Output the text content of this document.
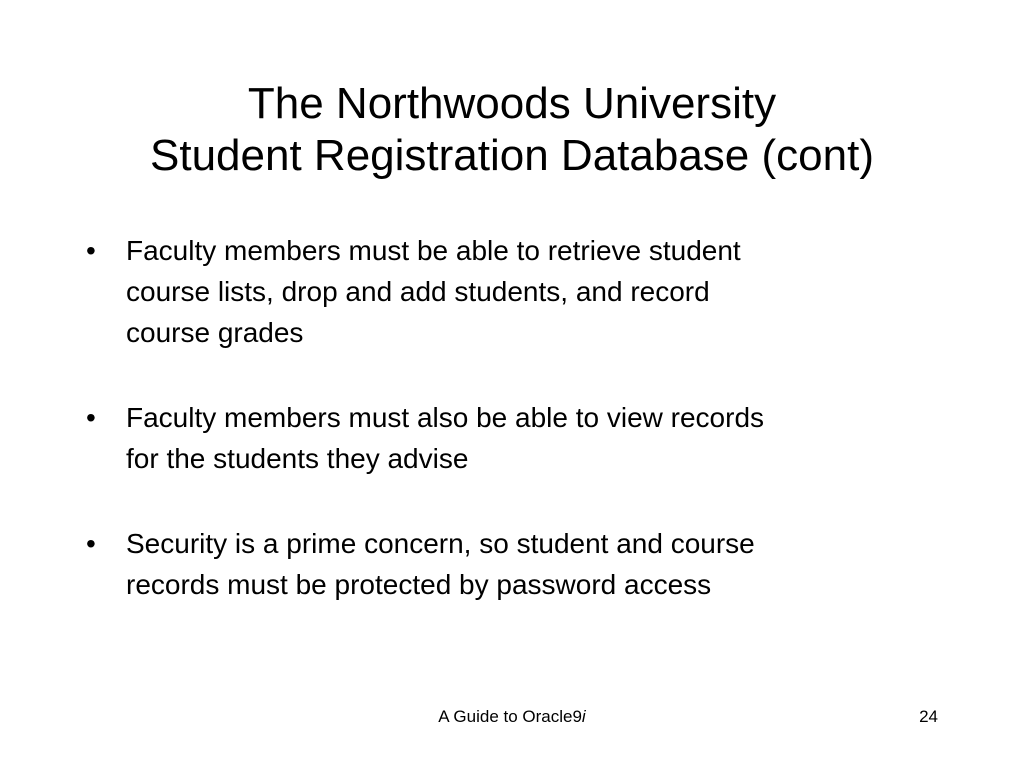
The Northwoods University
Student Registration Database (cont)
•	Faculty members must be able to retrieve student
course lists, drop and add students, and record
course grades
•	Faculty members must also be able to view records
for the students they advise
•	Security is a prime concern, so student and course
records must be protected by password access
A Guide to Oracle9i	24
